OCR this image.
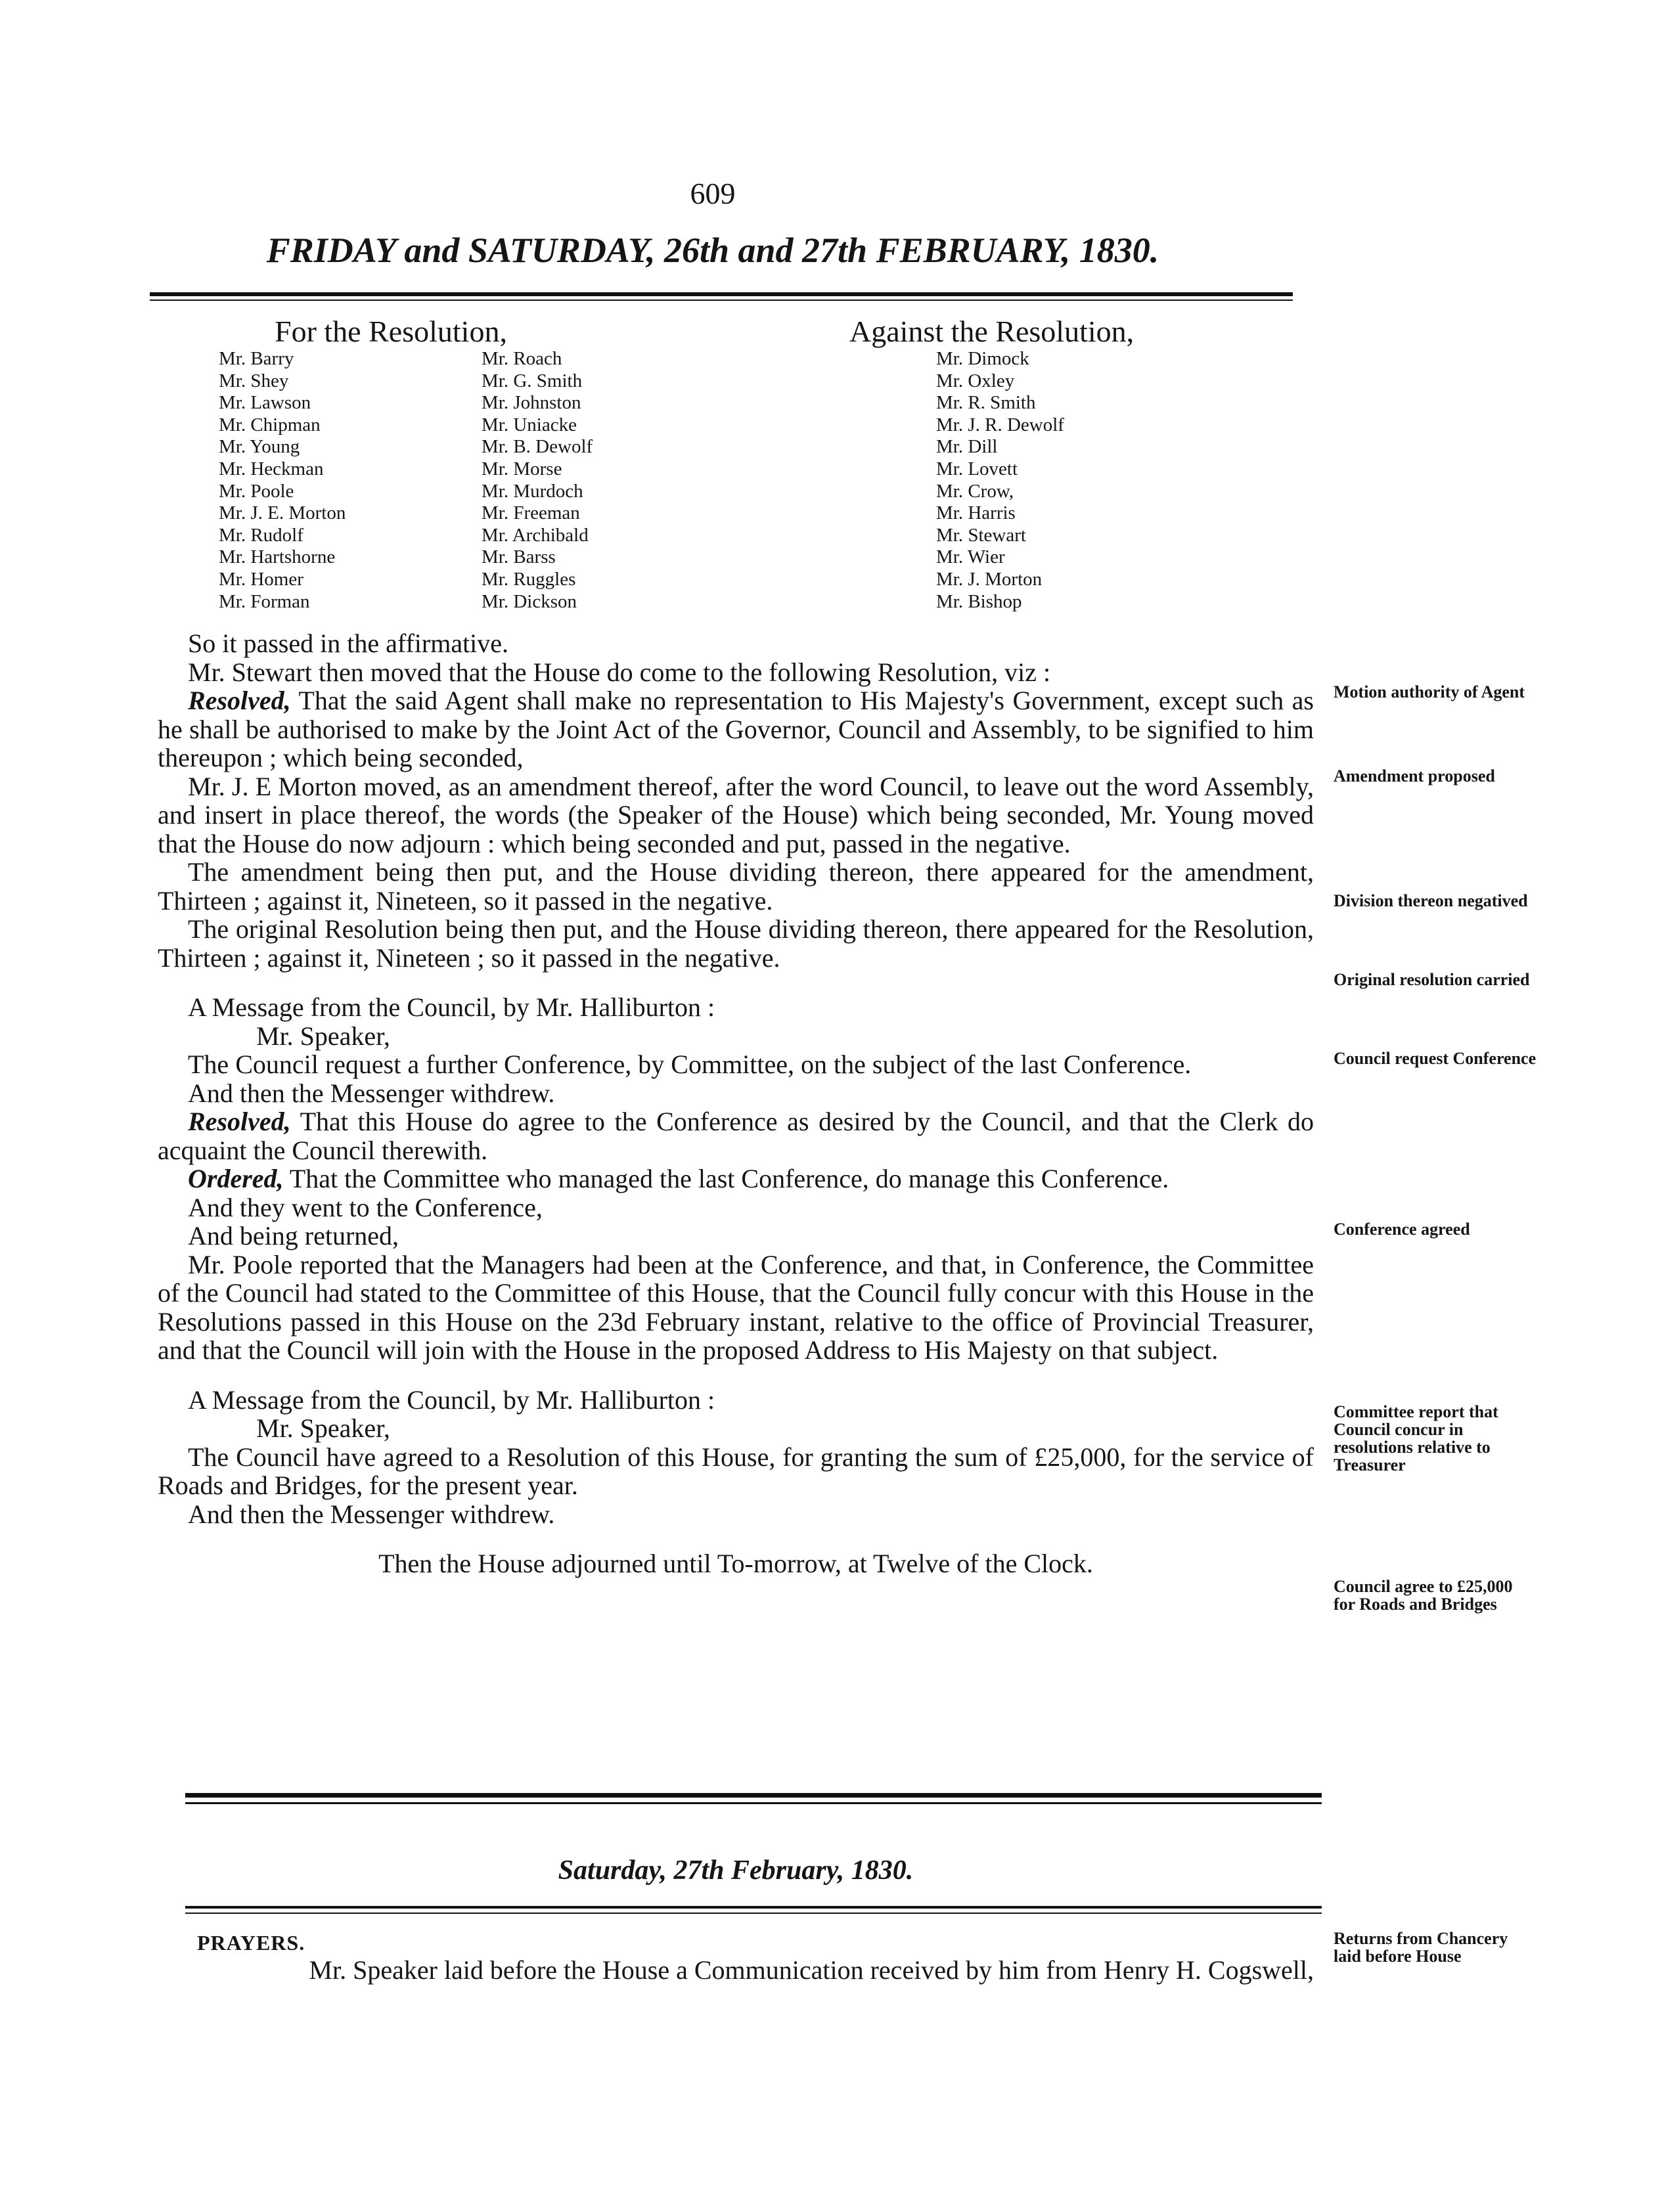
609
FRIDAY and SATURDAY, 26th and 27th FEBRUARY, 1830.
For the Resolution,	Against the Resolution,
Mr. Barry
Mr. Shey
Mr. Lawson
Mr. Chipman
Mr. Young
Mr. Heckman
Mr. Poole
Mr. J. E. Morton
Mr. Rudolf
Mr. Hartshorne
Mr. Homer
Mr. Forman
Mr. Roach
Mr. G. Smith
Mr. Johnston
Mr. Uniacke
Mr. B. Dewolf
Mr. Morse
Mr. Murdoch
Mr. Freeman
Mr. Archibald
Mr. Barss
Mr. Ruggles
Mr. Dickson
Mr. Dimock
Mr. Oxley
Mr. R. Smith
Mr. J. R. Dewolf
Mr. Dill
Mr. Lovett
Mr. Crow,
Mr. Harris
Mr. Stewart
Mr. Wier
Mr. J. Morton
Mr. Bishop

So it passed in the affirmative.

Mr. Stewart then moved that the House do come to the following Resolution, viz :

Resolved, That the said Agent shall make no representation to His Majesty's Government, except such as he shall be authorised to make by the Joint Act of the Governor, Council and Assembly, to be signified to him thereupon ; which being seconded,

Mr. J. E Morton moved, as an amendment thereof, after the word Council, to leave out the word Assembly, and insert in place thereof, the words (the Speaker of the House) which being seconded, Mr. Young moved that the House do now adjourn : which being seconded and put, passed in the negative.

The amendment being then put, and the House dividing thereon, there appeared for the amendment, Thirteen ; against it, Nineteen, so it passed in the negative.

The original Resolution being then put, and the House dividing thereon, there appeared for the Resolution, Thirteen ; against it, Nineteen ; so it passed in the negative.

A Message from the Council, by Mr. Halliburton :

Mr. Speaker,

The Council request a further Conference, by Committee, on the subject of the last Conference.

And then the Messenger withdrew.

Resolved, That this House do agree to the Conference as desired by the Council, and that the Clerk do acquaint the Council therewith.

Ordered, That the Committee who managed the last Conference, do manage this Conference.

And they went to the Conference,

And being returned,

Mr. Poole reported that the Managers had been at the Conference, and that, in Conference, the Committee of the Council had stated to the Committee of this House, that the Council fully concur with this House in the Resolutions passed in this House on the 23d February instant, relative to the office of Provincial Treasurer, and that the Council will join with the House in the proposed Address to His Majesty on that subject.

A Message from the Council, by Mr. Halliburton :

Mr. Speaker,

The Council have agreed to a Resolution of this House, for granting the sum of £25,000, for the service of Roads and Bridges, for the present year.

And then the Messenger withdrew.

Then the House adjourned until To-morrow, at Twelve of the Clock.

Motion authority of Agent
Amendment proposed
Division thereon negatived
Original resolution carried
Council request Conference
Conference agreed
Committee report that Council concur in resolutions relative to Treasurer
Council agree to £25,000 for Roads and Bridges
Returns from Chancery laid before House
Saturday, 27th February, 1830.
PRAYERS.

Mr. Speaker laid before the House a Communication received by him from Henry H. Cogswell,
